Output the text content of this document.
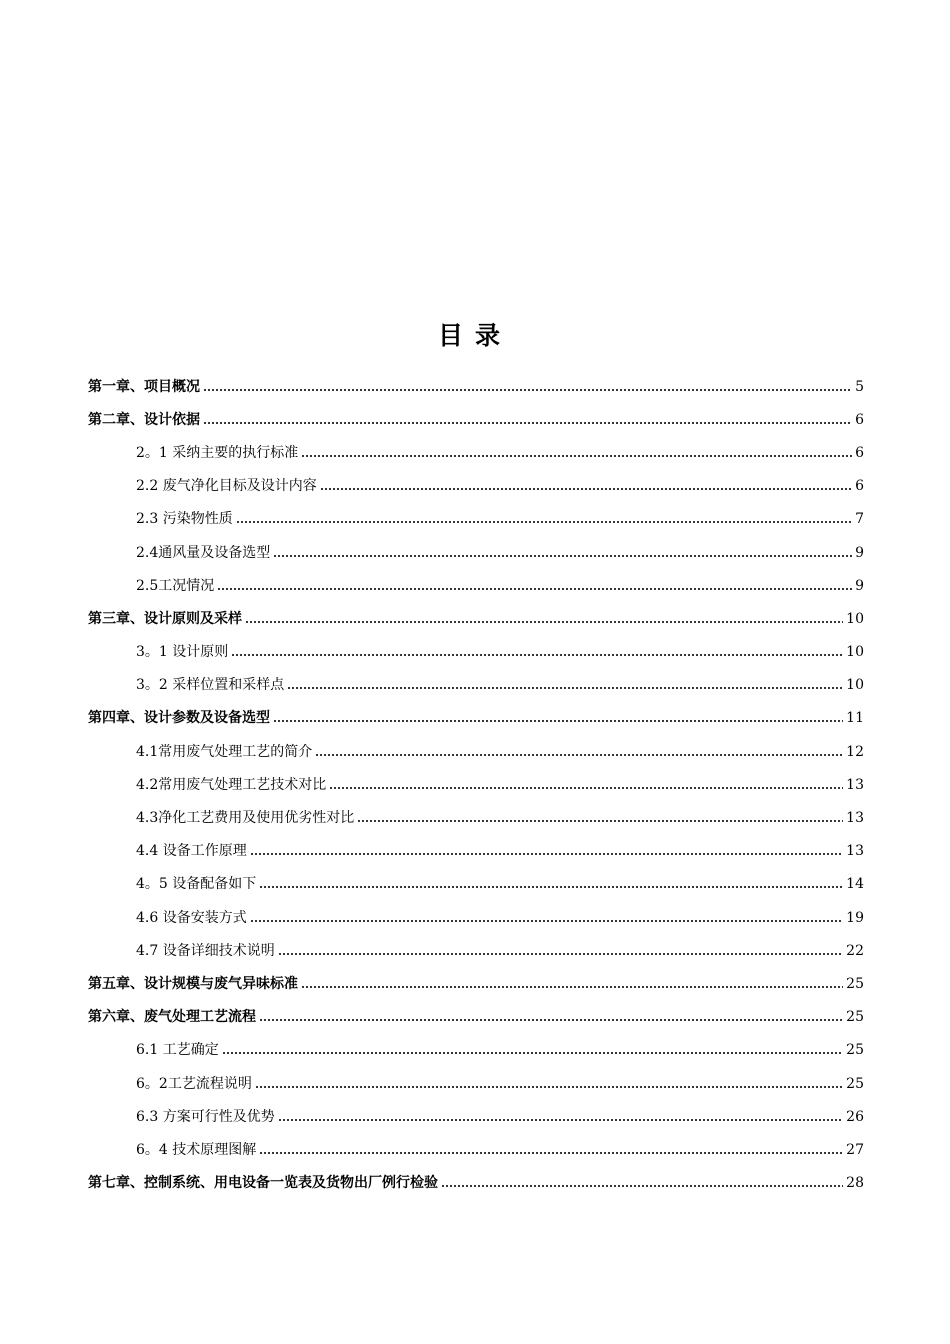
目录
第一章、项目概况	5
第二章、设计依据	6
2。1 采纳主要的执行标准	6
2.2 废气净化目标及设计内容	6
2.3 污染物性质	7
2.4通风量及设备选型	9
2.5工况情况	9
第三章、设计原则及采样	10
3。1 设计原则	10
3。2 采样位置和采样点	10
第四章、设计参数及设备选型	11
4.1常用废气处理工艺的简介	12
4.2常用废气处理工艺技术对比	13
4.3净化工艺费用及使用优劣性对比	13
4.4 设备工作原理	13
4。5 设备配备如下	14
4.6 设备安装方式	19
4.7 设备详细技术说明	22
第五章、设计规模与废气异味标准	25
第六章、废气处理工艺流程	25
6.1 工艺确定	25
6。2工艺流程说明	25
6.3 方案可行性及优势	26
6。4 技术原理图解	27
第七章、控制系统、用电设备一览表及货物出厂例行检验	28
